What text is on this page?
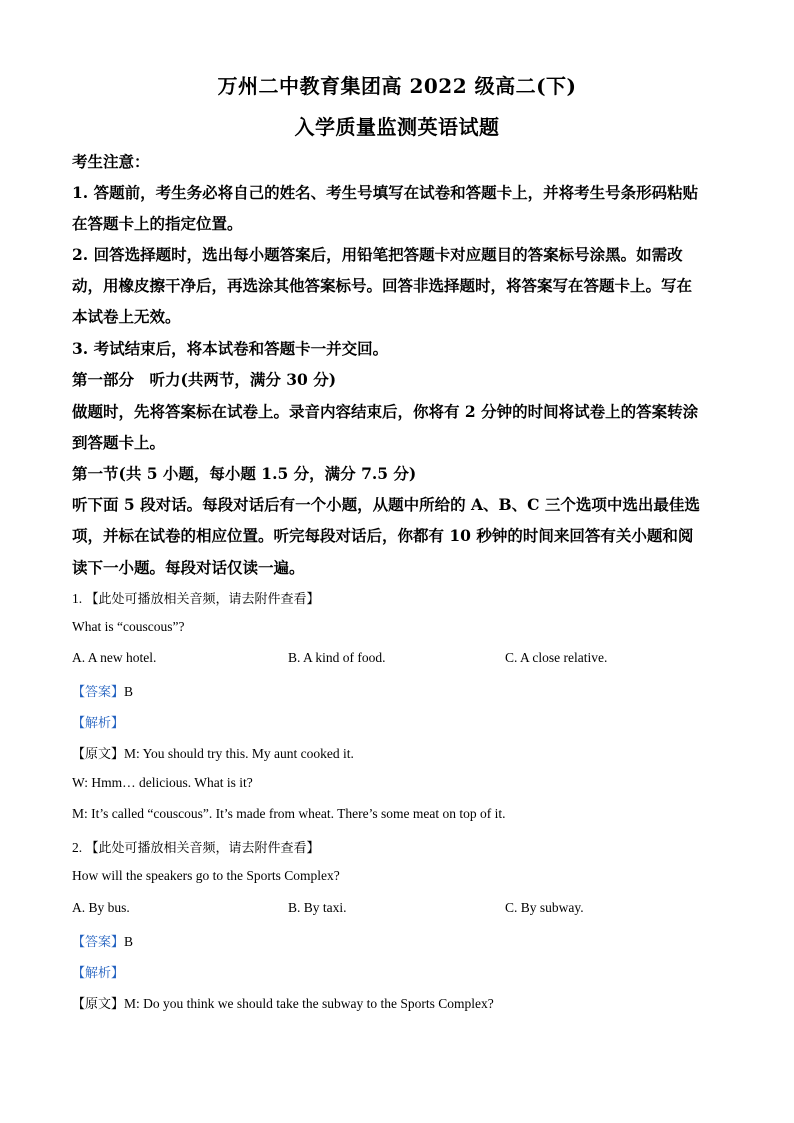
万州二中教育集团高 2022 级高二(下)
入学质量监测英语试题
考生注意：
1. 答题前，考生务必将自己的姓名、考生号填写在试卷和答题卡上，并将考生号条形码粘贴
在答题卡上的指定位置。
2. 回答选择题时，选出每小题答案后，用铅笔把答题卡对应题目的答案标号涂黑。如需改
动，用橡皮擦干净后，再选涂其他答案标号。回答非选择题时，将答案写在答题卡上。写在
本试卷上无效。
3. 考试结束后，将本试卷和答题卡一并交回。
第一部分　听力(共两节，满分 30 分)
做题时，先将答案标在试卷上。录音内容结束后，你将有 2 分钟的时间将试卷上的答案转涂
到答题卡上。
第一节(共 5 小题，每小题 1.5 分，满分 7.5 分)
听下面 5 段对话。每段对话后有一个小题，从题中所给的 A、B、C 三个选项中选出最佳选
项，并标在试卷的相应位置。听完每段对话后，你都有 10 秒钟的时间来回答有关小题和阅
读下一小题。每段对话仅读一遍。
1. 【此处可播放相关音频，请去附件查看】
What is “couscous”?
A. A new hotel.	B. A kind of food.	C. A close relative.
【答案】B
【解析】
【原文】M: You should try this. My aunt cooked it.
W: Hmm… delicious. What is it?
M: It’s called “couscous”. It’s made from wheat. There’s some meat on top of it.
2. 【此处可播放相关音频，请去附件查看】
How will the speakers go to the Sports Complex?
A. By bus.	B. By taxi.	C. By subway.
【答案】B
【解析】
【原文】M: Do you think we should take the subway to the Sports Complex?
